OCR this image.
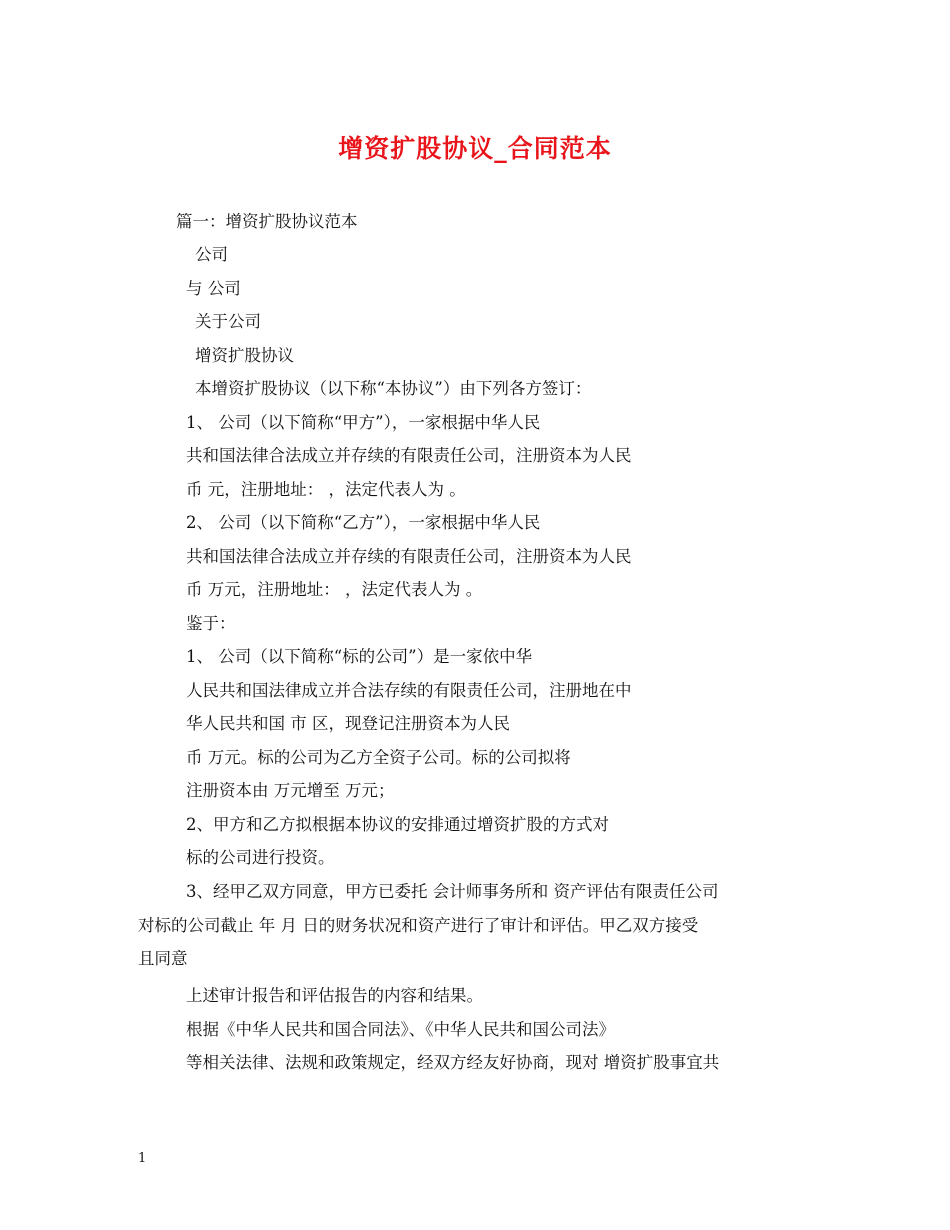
增资扩股协议_合同范本
篇一：增资扩股协议范本
公司
与 公司
关于公司
增资扩股协议
本增资扩股协议（以下称“本协议”）由下列各方签订：
1、 公司（以下简称“甲方”），一家根据中华人民
共和国法律合法成立并存续的有限责任公司，注册资本为人民
币 元，注册地址： ，法定代表人为 。
2、 公司（以下简称“乙方”），一家根据中华人民
共和国法律合法成立并存续的有限责任公司，注册资本为人民
币 万元，注册地址： ，法定代表人为 。
鉴于：
1、 公司（以下简称“标的公司”）是一家依中华
人民共和国法律成立并合法存续的有限责任公司，注册地在中
华人民共和国 市 区，现登记注册资本为人民
币 万元。标的公司为乙方全资子公司。标的公司拟将
注册资本由 万元增至 万元；
2、甲方和乙方拟根据本协议的安排通过增资扩股的方式对
标的公司进行投资。
3、经甲乙双方同意，甲方已委托 会计师事务所和 资产评估有限责任公司
对标的公司截止 年 月 日的财务状况和资产进行了审计和评估。甲乙双方接受
且同意
上述审计报告和评估报告的内容和结果。
根据《中华人民共和国合同法》、《中华人民共和国公司法》
等相关法律、法规和政策规定，经双方经友好协商，现对 增资扩股事宜共
1
